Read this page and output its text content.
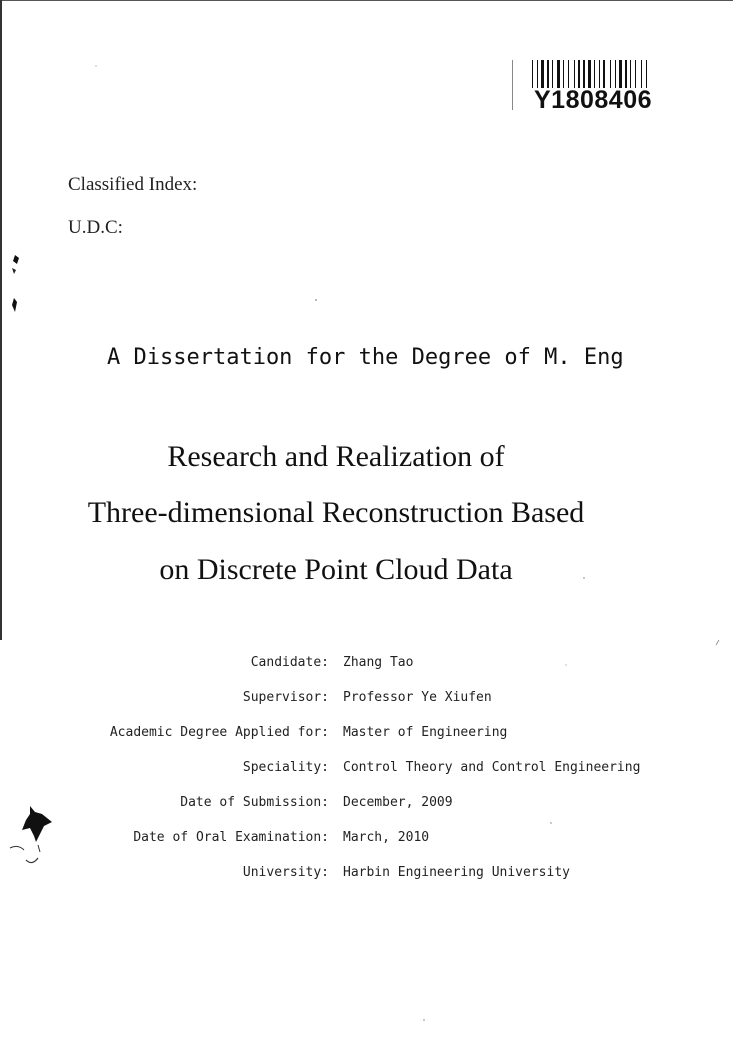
Y1808406
Classified Index:
U.D.C:
A Dissertation for the Degree of M. Eng
Research and Realization of
Three-dimensional Reconstruction Based
on Discrete Point Cloud Data
Candidate: Zhang Tao
Supervisor: Professor Ye Xiufen
Academic Degree Applied for: Master of Engineering
Speciality: Control Theory and Control Engineering
Date of Submission: December, 2009
Date of Oral Examination: March, 2010
University: Harbin Engineering University
